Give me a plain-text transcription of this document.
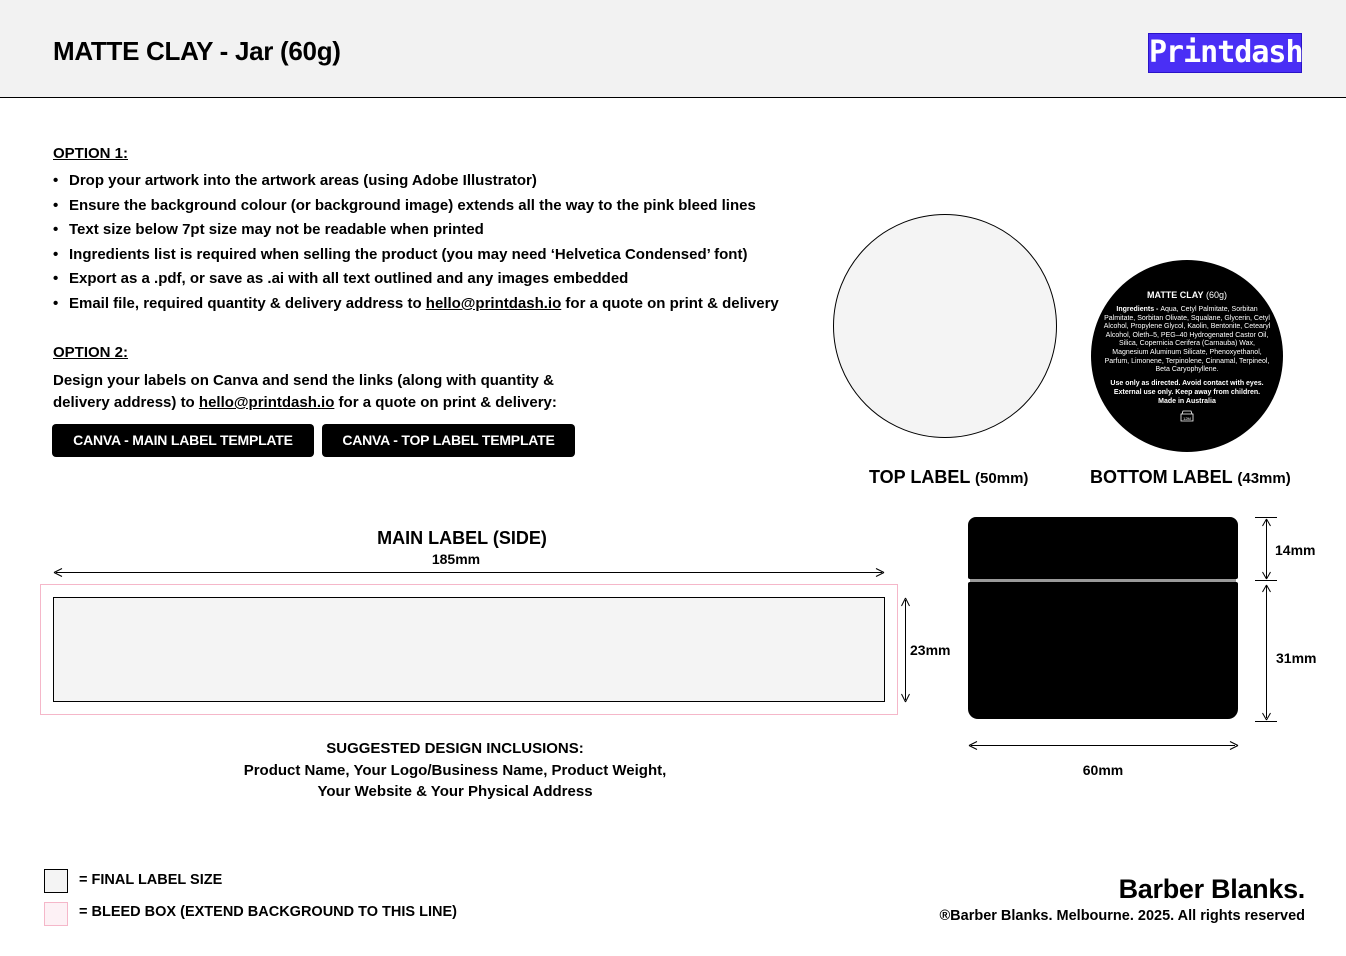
MATTE CLAY - Jar (60g)	Printdash
OPTION 1:
• Drop your artwork into the artwork areas (using Adobe Illustrator)
• Ensure the background colour (or background image) extends all the way to the pink bleed lines
• Text size below 7pt size may not be readable when printed
• Ingredients list is required when selling the product (you may need ‘Helvetica Condensed’ font)
• Export as a .pdf, or save as .ai with all text outlined and any images embedded
• Email file, required quantity & delivery address to hello@printdash.io for a quote on print & delivery
OPTION 2:
Design your labels on Canva and send the links (along with quantity &
delivery address) to hello@printdash.io for a quote on print & delivery:
CANVA - MAIN LABEL TEMPLATE	CANVA - TOP LABEL TEMPLATE
TOP LABEL (50mm)
MATTE CLAY (60g)
Ingredients - Aqua, Cetyl Palmitate, Sorbitan Palmitate, Sorbitan Olivate, Squalane, Glycerin, Cetyl Alcohol, Propylene Glycol, Kaolin, Bentonite, Cetearyl Alcohol, Oleth–5, PEG–40 Hydrogenated Castor Oil, Silica, Copernicia Cerifera (Carnauba) Wax, Magnesium Aluminum Silicate, Phenoxyethanol, Parfum, Limonene, Terpinolene, Cinnamal, Terpineol, Beta Caryophyllene.
Use only as directed. Avoid contact with eyes. External use only. Keep away from children.
Made in Australia
12M
BOTTOM LABEL (43mm)
MAIN LABEL (SIDE)
185mm
23mm
SUGGESTED DESIGN INCLUSIONS:
Product Name, Your Logo/Business Name, Product Weight,
Your Website & Your Physical Address
14mm
31mm
60mm
= FINAL LABEL SIZE
= BLEED BOX (EXTEND BACKGROUND TO THIS LINE)
Barber Blanks.
®Barber Blanks. Melbourne. 2025. All rights reserved
